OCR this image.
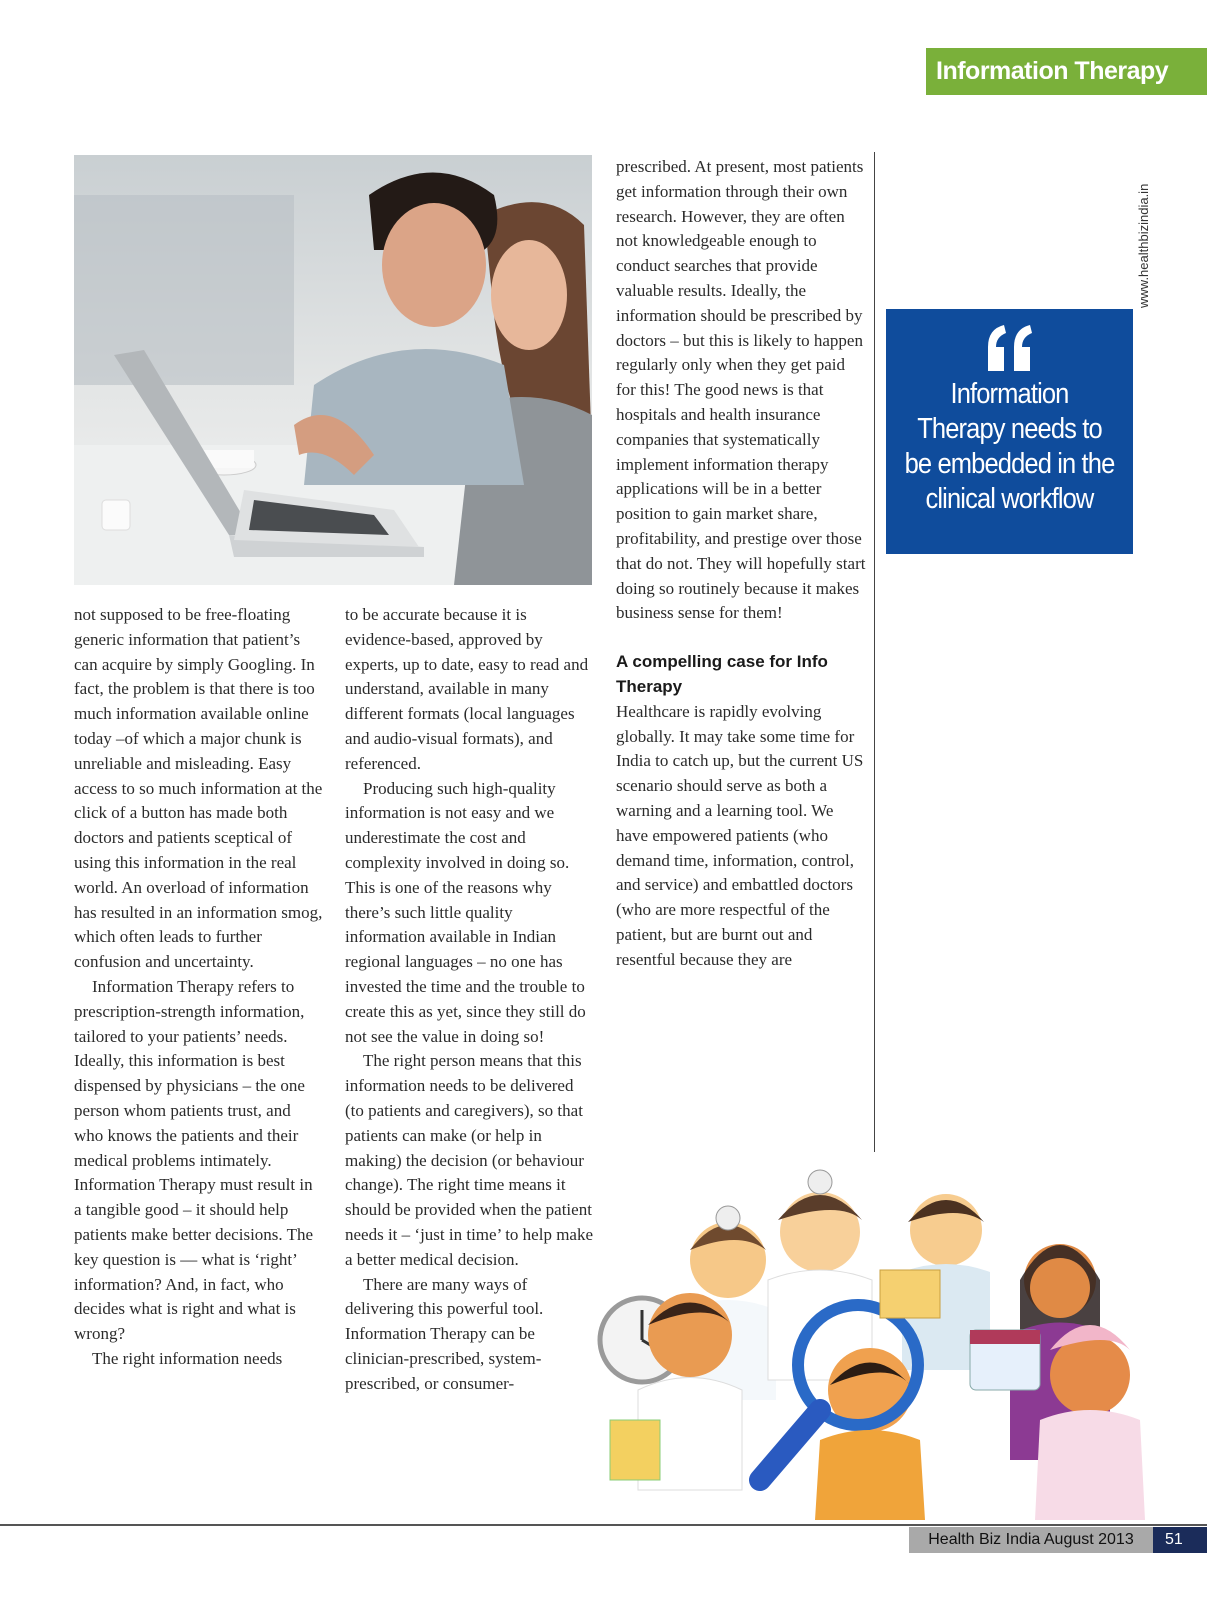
Information Therapy
www.healthbizindia.in

not supposed to be free-floating generic information that patient’s can acquire by simply Googling. In fact, the problem is that there is too much information available online today –of which a major chunk is unreliable and misleading. Easy access to so much information at the click of a button has made both doctors and patients sceptical of using this information in the real world. An overload of information has resulted in an information smog, which often leads to further confusion and uncertainty.

Information Therapy refers to prescription-strength information, tailored to your patients’ needs. Ideally, this information is best dispensed by physicians – the one person whom patients trust, and who knows the patients and their medical problems intimately. Information Therapy must result in a tangible good – it should help patients make better decisions. The key question is — what is ‘right’ information? And, in fact, who decides what is right and what is wrong?

The right information needs

to be accurate because it is evidence-based, approved by experts, up to date, easy to read and understand, available in many different formats (local languages and audio-visual formats), and referenced.

Producing such high-quality information is not easy and we underestimate the cost and complexity involved in doing so. This is one of the reasons why there’s such little quality information available in Indian regional languages – no one has invested the time and the trouble to create this as yet, since they still do not see the value in doing so!

The right person means that this information needs to be delivered (to patients and caregivers), so that patients can make (or help in making) the decision (or behaviour change). The right time means it should be provided when the patient needs it – ‘just in time’ to help make a better medical decision.

There are many ways of delivering this powerful tool. Information Therapy can be clinician-prescribed, system-prescribed, or consumer-

prescribed. At present, most patients get information through their own research. However, they are often not knowledgeable enough to conduct searches that provide valuable results. Ideally, the information should be prescribed by doctors – but this is likely to happen regularly only when they get paid for this! The good news is that hospitals and health insurance companies that systematically implement information therapy applications will be in a better position to gain market share, profitability, and prestige over those that do not. They will hopefully start doing so routinely because it makes business sense for them!

A compelling case for Info Therapy

Healthcare is rapidly evolving globally. It may take some time for India to catch up, but the current US scenario should serve as both a warning and a learning tool. We have empowered patients (who demand time, information, control, and service) and embattled doctors (who are more respectful of the patient, but are burnt out and resentful because they are

Information Therapy needs to be embedded in the clinical workflow
Health Biz India August 2013	51
